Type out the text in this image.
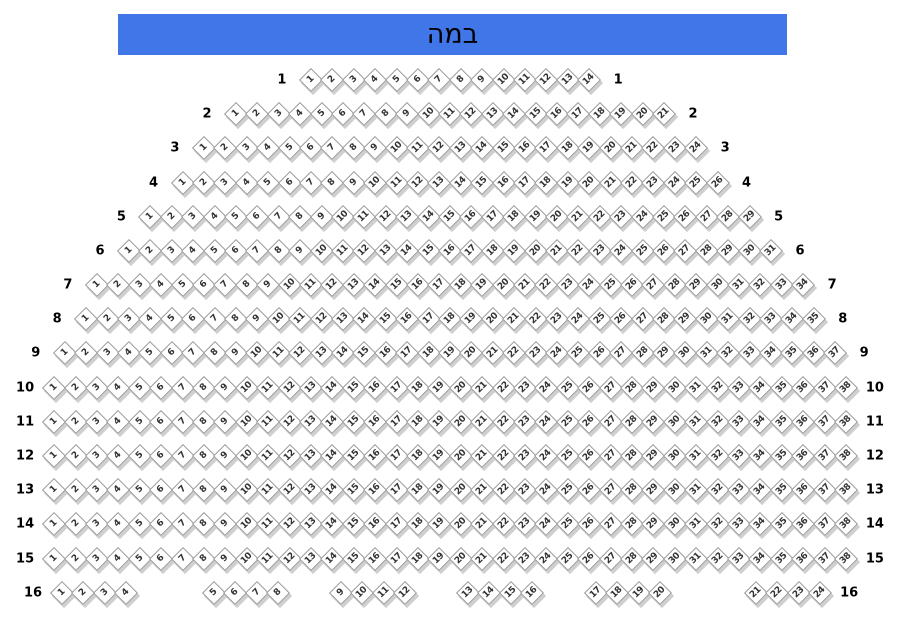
במה
1	1
1 2 3 4 5 6 7 8 9 10 11 12 13 14
2	2
1 2 3 4 5 6 7 8 9 10 11 12 13 14 15 16 17 18 19 20 21
3	3
1 2 3 4 5 6 7 8 9 10 11 12 13 14 15 16 17 18 19 20 21 22 23 24
4	4
1 2 3 4 5 6 7 8 9 10 11 12 13 14 15 16 17 18 19 20 21 22 23 24 25 26
5	5
1 2 3 4 5 6 7 8 9 10 11 12 13 14 15 16 17 18 19 20 21 22 23 24 25 26 27 28 29
6	6
1 2 3 4 5 6 7 8 9 10 11 12 13 14 15 16 17 18 19 20 21 22 23 24 25 26 27 28 29 30 31
7	7
1 2 3 4 5 6 7 8 9 10 11 12 13 14 15 16 17 18 19 20 21 22 23 24 25 26 27 28 29 30 31 32 33 34
8	8
1 2 3 4 5 6 7 8 9 10 11 12 13 14 15 16 17 18 19 20 21 22 23 24 25 26 27 28 29 30 31 32 33 34 35
9	9
1 2 3 4 5 6 7 8 9 10 11 12 13 14 15 16 17 18 19 20 21 22 23 24 25 26 27 28 29 30 31 32 33 34 35 36 37
10	10
1 2 3 4 5 6 7 8 9 10 11 12 13 14 15 16 17 18 19 20 21 22 23 24 25 26 27 28 29 30 31 32 33 34 35 36 37 38
11	11
1 2 3 4 5 6 7 8 9 10 11 12 13 14 15 16 17 18 19 20 21 22 23 24 25 26 27 28 29 30 31 32 33 34 35 36 37 38
12	12
1 2 3 4 5 6 7 8 9 10 11 12 13 14 15 16 17 18 19 20 21 22 23 24 25 26 27 28 29 30 31 32 33 34 35 36 37 38
13	13
1 2 3 4 5 6 7 8 9 10 11 12 13 14 15 16 17 18 19 20 21 22 23 24 25 26 27 28 29 30 31 32 33 34 35 36 37 38
14	14
1 2 3 4 5 6 7 8 9 10 11 12 13 14 15 16 17 18 19 20 21 22 23 24 25 26 27 28 29 30 31 32 33 34 35 36 37 38
15	15
1 2 3 4 5 6 7 8 9 10 11 12 13 14 15 16 17 18 19 20 21 22 23 24 25 26 27 28 29 30 31 32 33 34 35 36 37 38
16	16
1 2 3 4	5 6 7 8	9 10 11 12	13 14 15 16	17 18 19 20	21 22 23 24
